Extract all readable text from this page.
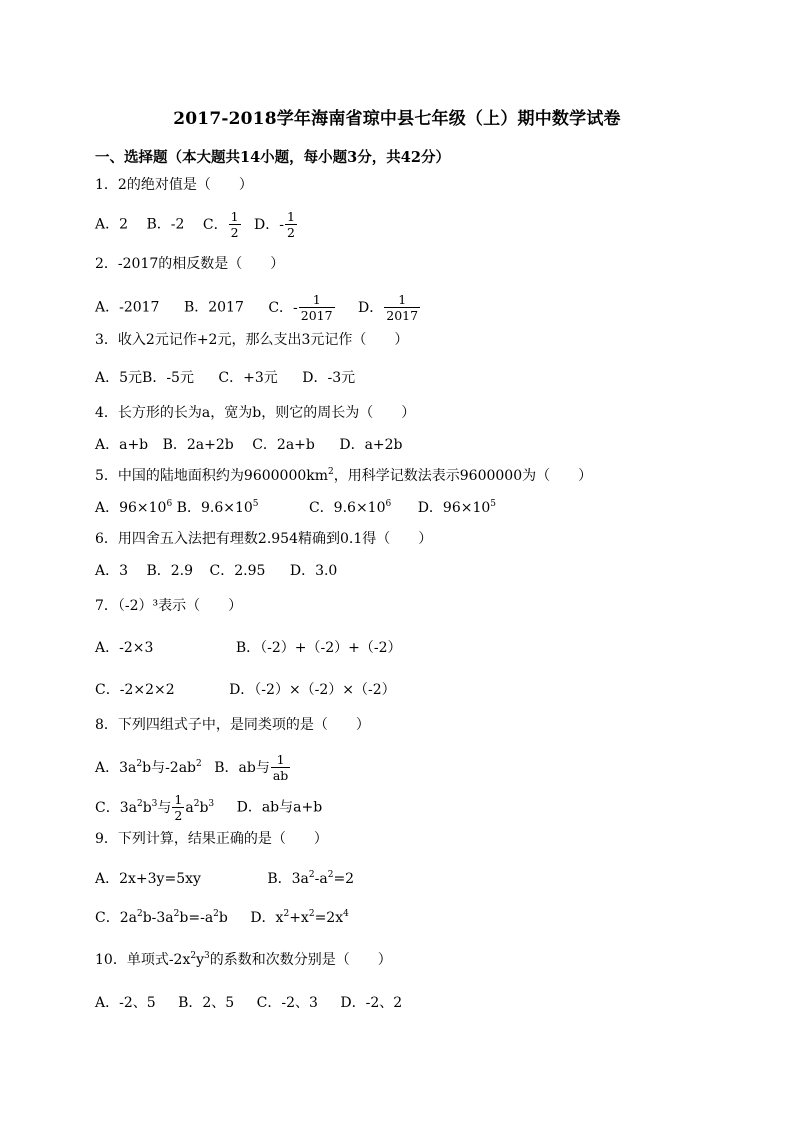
2017-2018学年海南省琼中县七年级（上）期中数学试卷
一、选择题（本大题共14小题，每小题3分，共42分）
1．2的绝对值是（　　）
A．2 B．-2 C． $\frac{1}{2}$ D．- $\frac{1}{2}$
2．-2017的相反数是（　　）
A．-2017 B．2017 C．- $\frac{1}{2017}$ D． $\frac{1}{2017}$
3．收入2元记作+2元，那么支出3元记作（　　）
A．5元B．-5元 C．+3元 D．-3元
4．长方形的长为a，宽为b，则它的周长为（　　）
A．a+b B．2a+2b C．2a+b D．a+2b
5．中国的陆地面积约为$9600000km^2$，用科学记数法表示9600000为（　　）
A．$96\times 10^6$ B．$9.6\times 10^5$	C．$9.6\times 10^6$ D．$96\times 10^5$
6．用四舍五入法把有理数2.954精确到0.1得（　　）
A．3 B．2.9 C．2.95 D．3.0
7．（-2）³表示（　　）
A．-2×3	B．（-2）+（-2）+（-2）
C．-2×2×2	D．（-2）×（-2）×（-2）
8．下列四组式子中，是同类项的是（　　）
A．$3a^2b$与$-2ab^2$ B．ab与 $\frac{1}{ab}$
C．$3a^2b^3$与 $\frac{1}{2} a^2b^3$ D．ab与a+b
9．下列计算，结果正确的是（　　）
A．2x+3y=5xy	B．$3a^2-a^2=2$
C．$2a^2b-3a^2b=-a^2b$ D．$x^2+x^2=2x^4$
10．单项式$-2x^2y^3$的系数和次数分别是（　　）
A．-2、5 B．2、5 C．-2、3 D．-2、2
